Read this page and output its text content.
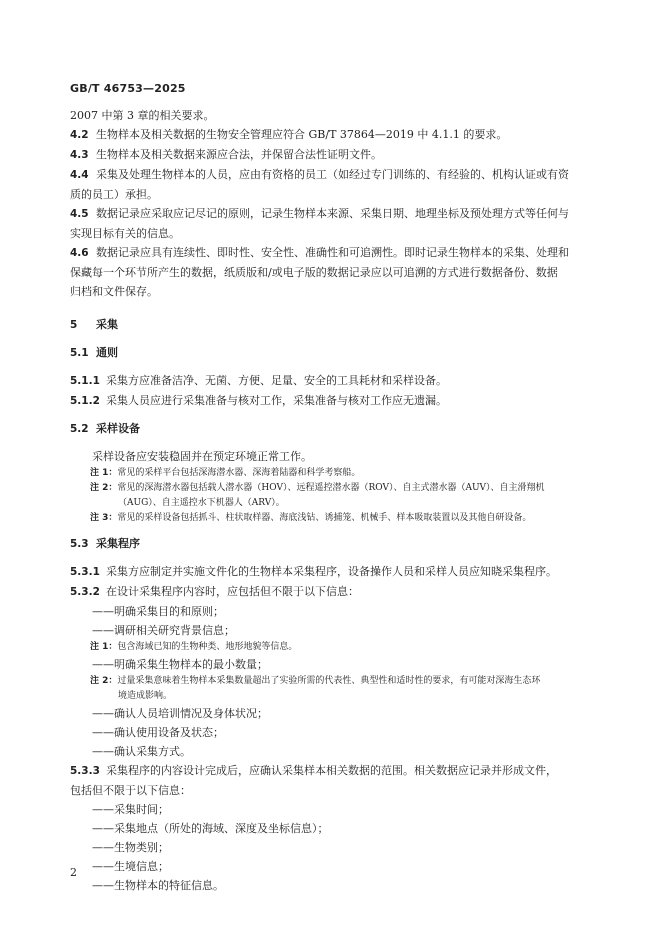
GB/T 46753—2025

2007 中第 3 章的相关要求。

4.2 生物样本及相关数据的生物安全管理应符合 GB/T 37864—2019 中 4.1.1 的要求。

4.3 生物样本及相关数据来源应合法，并保留合法性证明文件。

4.4 采集及处理生物样本的人员，应由有资格的员工（如经过专门训练的、有经验的、机构认证或有资

质的员工）承担。

4.5 数据记录应采取应记尽记的原则，记录生物样本来源、采集日期、地理坐标及预处理方式等任何与

实现目标有关的信息。

4.6 数据记录应具有连续性、即时性、安全性、准确性和可追溯性。即时记录生物样本的采集、处理和

保藏每一个环节所产生的数据，纸质版和/或电子版的数据记录应以可追溯的方式进行数据备份、数据

归档和文件保存。

5 采集

5.1 通则

5.1.1 采集方应准备洁净、无菌、方便、足量、安全的工具耗材和采样设备。

5.1.2 采集人员应进行采集准备与核对工作，采集准备与核对工作应无遗漏。

5.2 采样设备

采样设备应安装稳固并在预定环境正常工作。

注 1：常见的采样平台包括深海潜水器、深海着陆器和科学考察船。

注 2：常见的深海潜水器包括载人潜水器（HOV）、远程遥控潜水器（ROV）、自主式潜水器（AUV）、自主滑翔机

（AUG）、自主遥控水下机器人（ARV）。

注 3：常见的采样设备包括抓斗、柱状取样器、海底浅钻、诱捕笼、机械手、样本吸取装置以及其他自研设备。

5.3 采集程序

5.3.1 采集方应制定并实施文件化的生物样本采集程序，设备操作人员和采样人员应知晓采集程序。

5.3.2 在设计采集程序内容时，应包括但不限于以下信息：

——明确采集目的和原则；

——调研相关研究背景信息；

注 1：包含海域已知的生物种类、地形地貌等信息。

——明确采集生物样本的最小数量；

注 2：过量采集意味着生物样本采集数量超出了实验所需的代表性、典型性和适时性的要求，有可能对深海生态环

境造成影响。

——确认人员培训情况及身体状况；

——确认使用设备及状态；

——确认采集方式。

5.3.3 采集程序的内容设计完成后，应确认采集样本相关数据的范围。相关数据应记录并形成文件，

包括但不限于以下信息：

——采集时间；

——采集地点（所处的海域、深度及坐标信息）；

——生物类别；

——生境信息；

——生物样本的特征信息。

2
